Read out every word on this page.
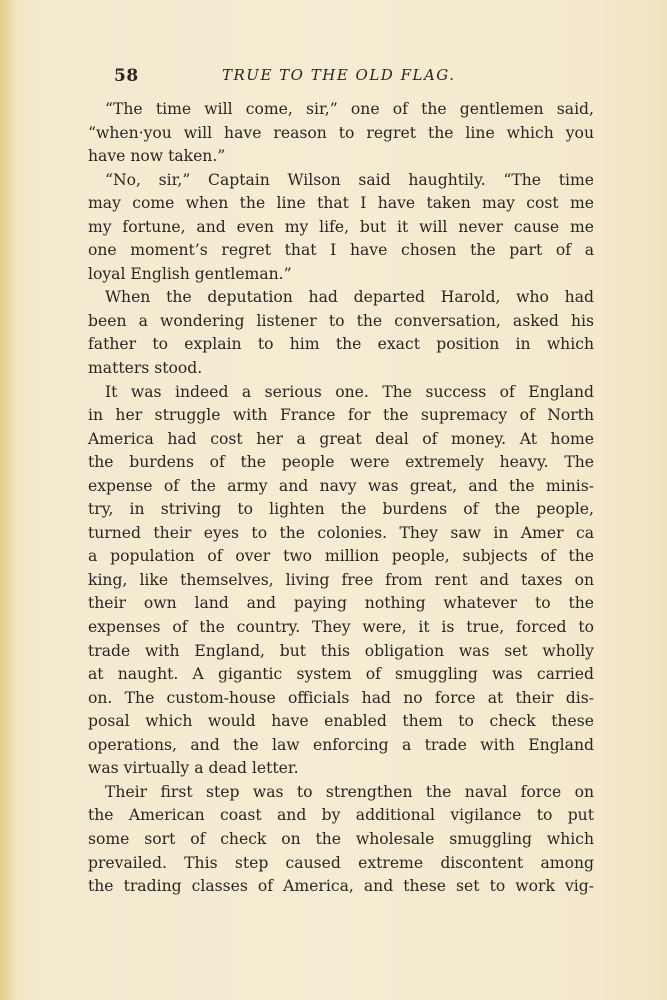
58	TRUE TO THE OLD FLAG.
“The time will come, sir,” one of the gentlemen said,
“when·you will have reason to regret the line which you
have now taken.”
“No, sir,” Captain Wilson said haughtily. “The time
may come when the line that I have taken may cost me
my fortune, and even my life, but it will never cause me
one moment’s regret that I have chosen the part of a
loyal English gentleman.”
When the deputation had departed Harold, who had
been a wondering listener to the conversation, asked his
father to explain to him the exact position in which
matters stood.
It was indeed a serious one. The success of England
in her struggle with France for the supremacy of North
America had cost her a great deal of money. At home
the burdens of the people were extremely heavy. The
expense of the army and navy was great, and the minis-
try, in striving to lighten the burdens of the people,
turned their eyes to the colonies. They saw in Amer ca
a population of over two million people, subjects of the
king, like themselves, living free from rent and taxes on
their own land and paying nothing whatever to the
expenses of the country. They were, it is true, forced to
trade with England, but this obligation was set wholly
at naught. A gigantic system of smuggling was carried
on. The custom-house officials had no force at their dis-
posal which would have enabled them to check these
operations, and the law enforcing a trade with England
was virtually a dead letter.
Their first step was to strengthen the naval force on
the American coast and by additional vigilance to put
some sort of check on the wholesale smuggling which
prevailed. This step caused extreme discontent among
the trading classes of America, and these set to work vig-
